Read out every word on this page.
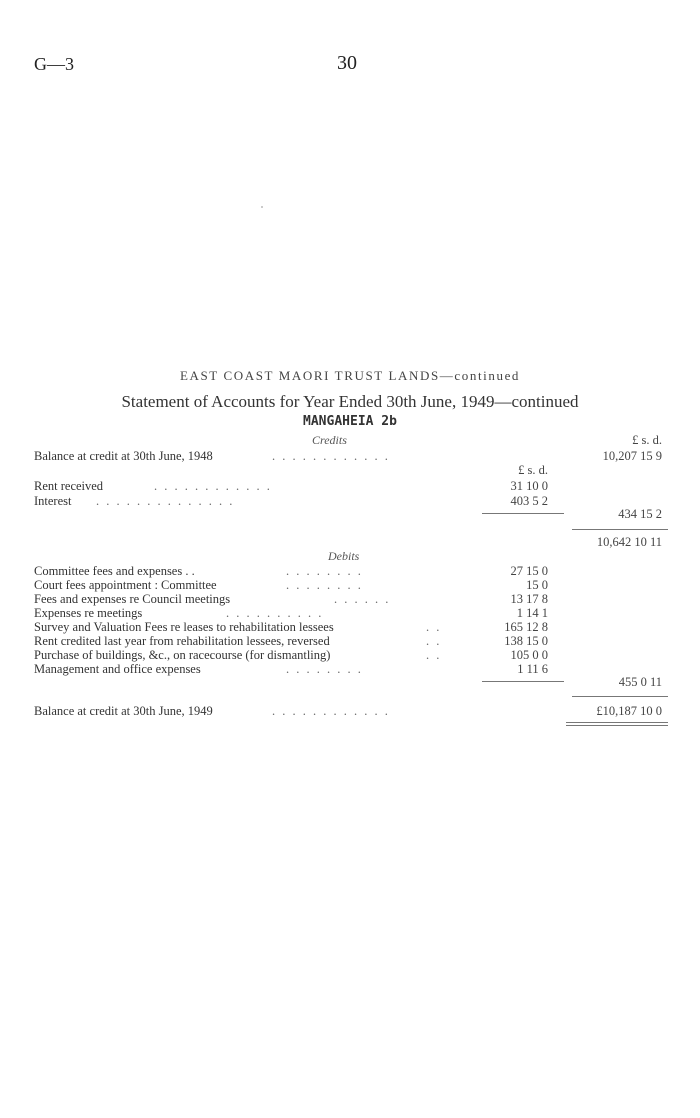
G—3	30
EAST COAST MAORI TRUST LANDS—continued
Statement of Accounts for Year Ended 30th June, 1949—continued
MANGAHEIA 2b
Credits	£ s. d.
Balance at credit at 30th June, 1948	. . . . . . . . . . . .	10,207 15 9
£ s. d.
Rent received	. . . . . . . . . . . .	31 10 0
Interest . . . . . . . . . . . . . .	403 5 2
434 15 2
10,642 10 11
Debits
Committee fees and expenses . .	. . . . . . . .	27 15 0
Court fees appointment : Committee	. . . . . . . .	15 0
Fees and expenses re Council meetings	. . . . . .	13 17 8
Expenses re meetings	. . . . . . . . . .	1 14 1
Survey and Valuation Fees re leases to rehabilitation lessees	. .	165 12 8
Rent credited last year from rehabilitation lessees, reversed	. .	138 15 0
Purchase of buildings, &c., on racecourse (for dismantling)	. .	105 0 0
Management and office expenses	. . . . . . . .	1 11 6
455 0 11
Balance at credit at 30th June, 1949	. . . . . . . . . . . .	£10,187 10 0
